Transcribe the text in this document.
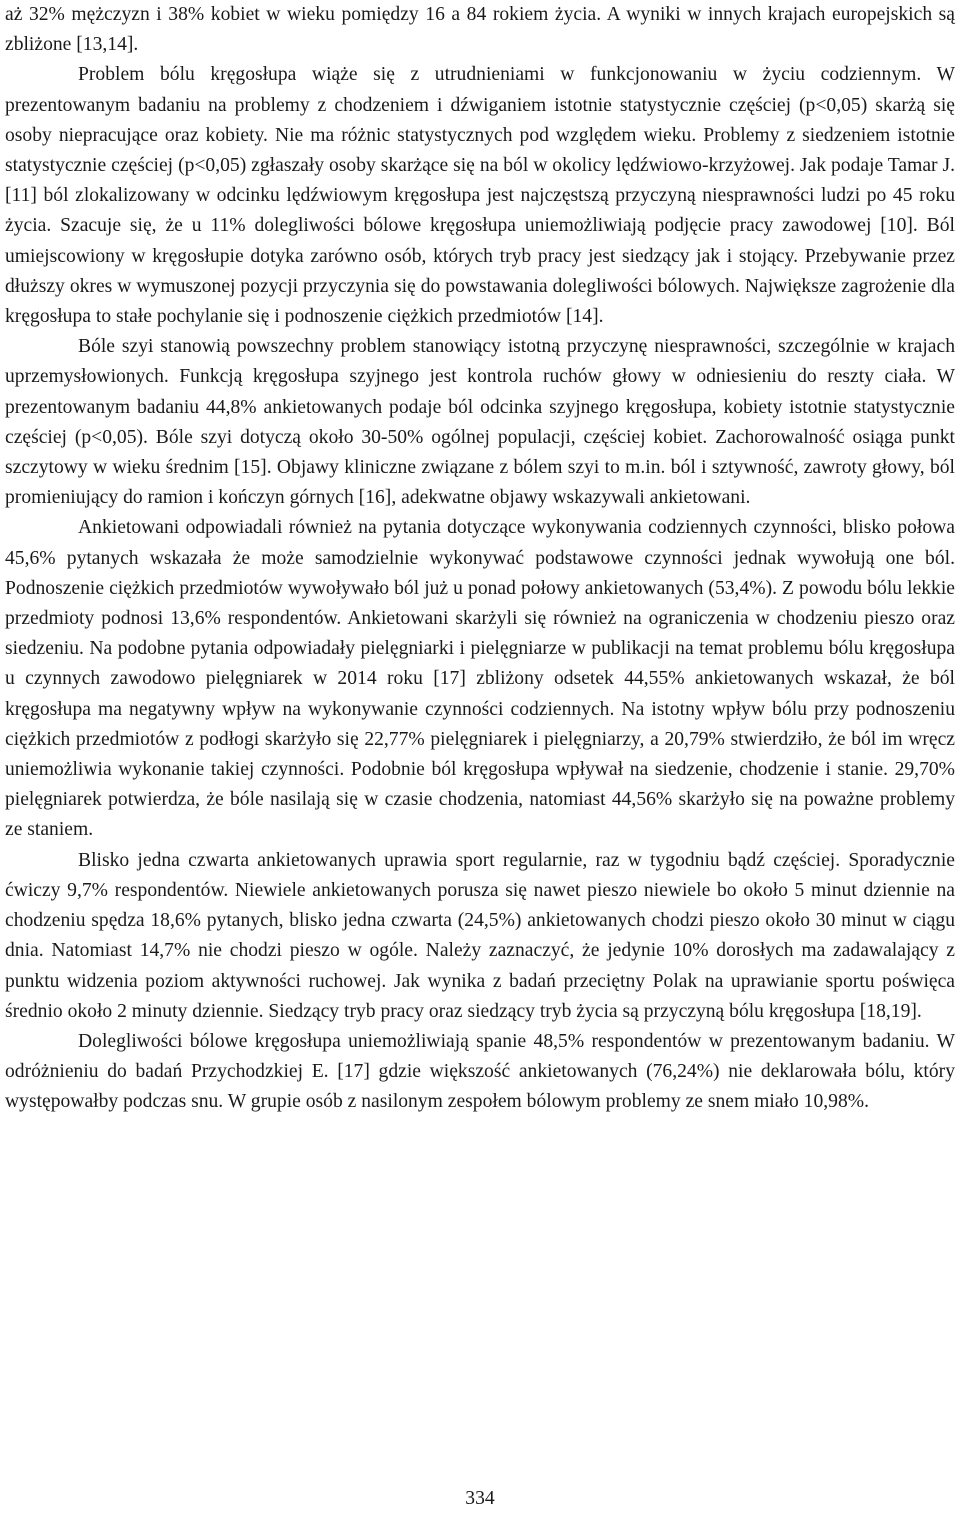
aż 32% mężczyzn i 38% kobiet w wieku pomiędzy 16 a 84 rokiem życia. A wyniki w innych krajach europejskich są zbliżone [13,14].

Problem bólu kręgosłupa wiąże się z utrudnieniami w funkcjonowaniu w życiu codziennym. W prezentowanym badaniu na problemy z chodzeniem i dźwiganiem istotnie statystycznie częściej (p<0,05) skarżą się osoby niepracujące oraz kobiety. Nie ma różnic statystycznych pod względem wieku. Problemy z siedzeniem istotnie statystycznie częściej (p<0,05) zgłaszały osoby skarżące się na ból w okolicy lędźwiowo-krzyżowej. Jak podaje Tamar J. [11] ból zlokalizowany w odcinku lędźwiowym kręgosłupa jest najczęstszą przyczyną niesprawności ludzi po 45 roku życia. Szacuje się, że u 11% dolegliwości bólowe kręgosłupa uniemożliwiają podjęcie pracy zawodowej [10]. Ból umiejscowiony w kręgosłupie dotyka zarówno osób, których tryb pracy jest siedzący jak i stojący. Przebywanie przez dłuższy okres w wymuszonej pozycji przyczynia się do powstawania dolegliwości bólowych. Największe zagrożenie dla kręgosłupa to stałe pochylanie się i podnoszenie ciężkich przedmiotów [14].

Bóle szyi stanowią powszechny problem stanowiący istotną przyczynę niesprawności, szczególnie w krajach uprzemysłowionych. Funkcją kręgosłupa szyjnego jest kontrola ruchów głowy w odniesieniu do reszty ciała. W prezentowanym badaniu 44,8% ankietowanych podaje ból odcinka szyjnego kręgosłupa, kobiety istotnie statystycznie częściej (p<0,05). Bóle szyi dotyczą około 30-50% ogólnej populacji, częściej kobiet. Zachorowalność osiąga punkt szczytowy w wieku średnim [15]. Objawy kliniczne związane z bólem szyi to m.in. ból i sztywność, zawroty głowy, ból promieniujący do ramion i kończyn górnych [16], adekwatne objawy wskazywali ankietowani.

Ankietowani odpowiadali również na pytania dotyczące wykonywania codziennych czynności, blisko połowa 45,6% pytanych wskazała że może samodzielnie wykonywać podstawowe czynności jednak wywołują one ból. Podnoszenie ciężkich przedmiotów wywoływało ból już u ponad połowy ankietowanych (53,4%). Z powodu bólu lekkie przedmioty podnosi 13,6% respondentów. Ankietowani skarżyli się również na ograniczenia w chodzeniu pieszo oraz siedzeniu. Na podobne pytania odpowiadały pielęgniarki i pielęgniarze w publikacji na temat problemu bólu kręgosłupa u czynnych zawodowo pielęgniarek w 2014 roku [17] zbliżony odsetek 44,55% ankietowanych wskazał, że ból kręgosłupa ma negatywny wpływ na wykonywanie czynności codziennych. Na istotny wpływ bólu przy podnoszeniu ciężkich przedmiotów z podłogi skarżyło się 22,77% pielęgniarek i pielęgniarzy, a 20,79% stwierdziło, że ból im wręcz uniemożliwia wykonanie takiej czynności. Podobnie ból kręgosłupa wpływał na siedzenie, chodzenie i stanie. 29,70% pielęgniarek potwierdza, że bóle nasilają się w czasie chodzenia, natomiast 44,56% skarżyło się na poważne problemy ze staniem.

Blisko jedna czwarta ankietowanych uprawia sport regularnie, raz w tygodniu bądź częściej. Sporadycznie ćwiczy 9,7% respondentów. Niewiele ankietowanych porusza się nawet pieszo niewiele bo około 5 minut dziennie na chodzeniu spędza 18,6% pytanych, blisko jedna czwarta (24,5%) ankietowanych chodzi pieszo około 30 minut w ciągu dnia. Natomiast 14,7% nie chodzi pieszo w ogóle. Należy zaznaczyć, że jedynie 10% dorosłych ma zadawalający z punktu widzenia poziom aktywności ruchowej. Jak wynika z badań przeciętny Polak na uprawianie sportu poświęca średnio około 2 minuty dziennie. Siedzący tryb pracy oraz siedzący tryb życia są przyczyną bólu kręgosłupa [18,19].

Dolegliwości bólowe kręgosłupa uniemożliwiają spanie 48,5% respondentów w prezentowanym badaniu. W odróżnieniu do badań Przychodzkiej E. [17] gdzie większość ankietowanych (76,24%) nie deklarowała bólu, który występowałby podczas snu. W grupie osób z nasilonym zespołem bólowym problemy ze snem miało 10,98%.

334
